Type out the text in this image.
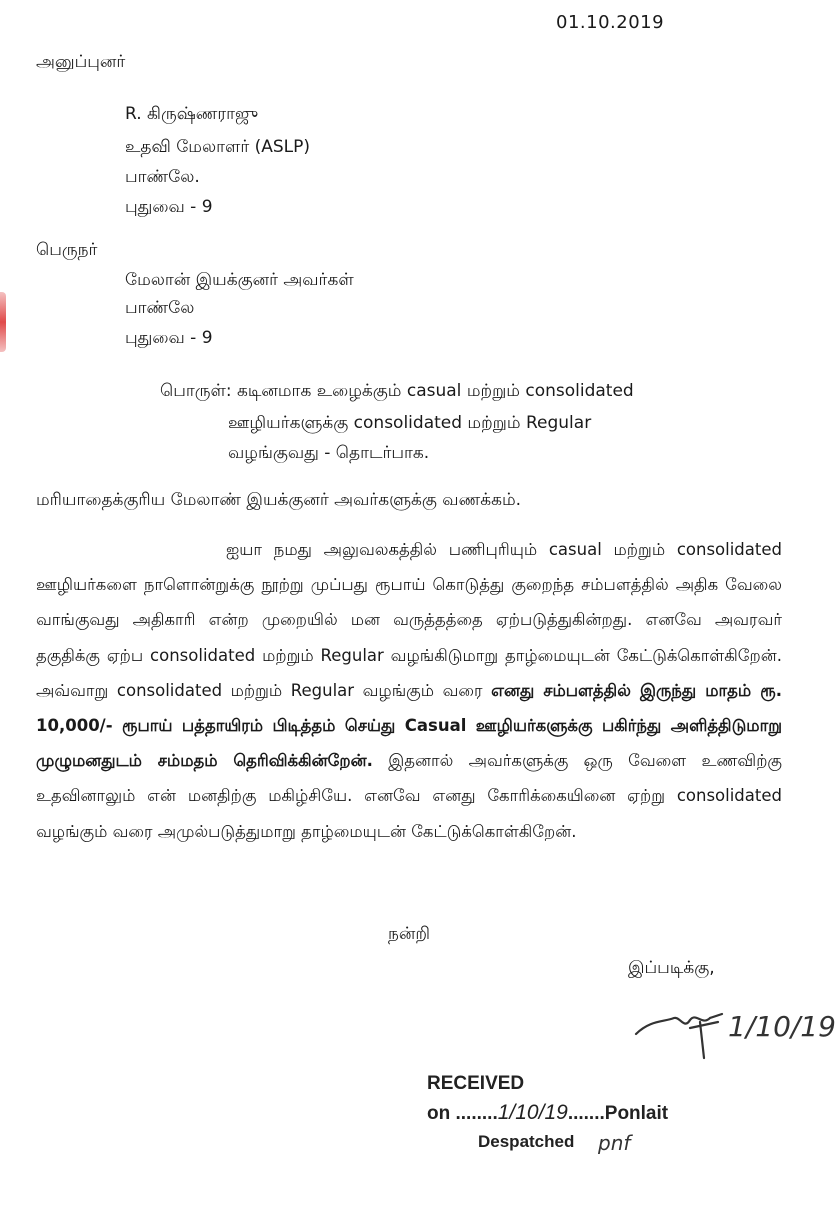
01.10.2019
அனுப்புனர்
R. கிருஷ்ணராஜு
உதவி மேலாளர் (ASLP)
பாண்லே.
புதுவை - 9
பெருநர்
மேலான் இயக்குனர் அவர்கள்
பாண்லே
புதுவை - 9
பொருள்: கடினமாக உழைக்கும் casual மற்றும் consolidated
ஊழியர்களுக்கு consolidated மற்றும் Regular
வழங்குவது - தொடர்பாக.
மரியாதைக்குரிய மேலாண் இயக்குனர் அவர்களுக்கு வணக்கம்.
ஐயா நமது அலுவலகத்தில் பணிபுரியும் casual மற்றும் consolidated ஊழியர்களை நாளொன்றுக்கு நூற்று முப்பது ரூபாய் கொடுத்து குறைந்த சம்பளத்தில் அதிக வேலை வாங்குவது அதிகாரி என்ற முறையில் மன வருத்தத்தை ஏற்படுத்துகின்றது. எனவே அவரவர் தகுதிக்கு ஏற்ப consolidated மற்றும் Regular வழங்கிடுமாறு தாழ்மையுடன் கேட்டுக்கொள்கிறேன். அவ்வாறு consolidated மற்றும் Regular வழங்கும் வரை எனது சம்பளத்தில் இருந்து மாதம் ரூ. 10,000/- ரூபாய் பத்தாயிரம் பிடித்தம் செய்து Casual ஊழியர்களுக்கு பகிர்ந்து அளித்திடுமாறு முழுமனதுடம் சம்மதம் தெரிவிக்கின்றேன். இதனால் அவர்களுக்கு ஒரு வேளை உணவிற்கு உதவினாலும் என் மனதிற்கு மகிழ்சியே. எனவே எனது கோரிக்கையினை ஏற்று consolidated வழங்கும் வரை அமுல்படுத்துமாறு தாழ்மையுடன் கேட்டுக்கொள்கிறேன்.
நன்றி
இப்படிக்கு,
1/10/19
RECEIVED
on ........1/10/19.......Ponlait
Despatched pnf
